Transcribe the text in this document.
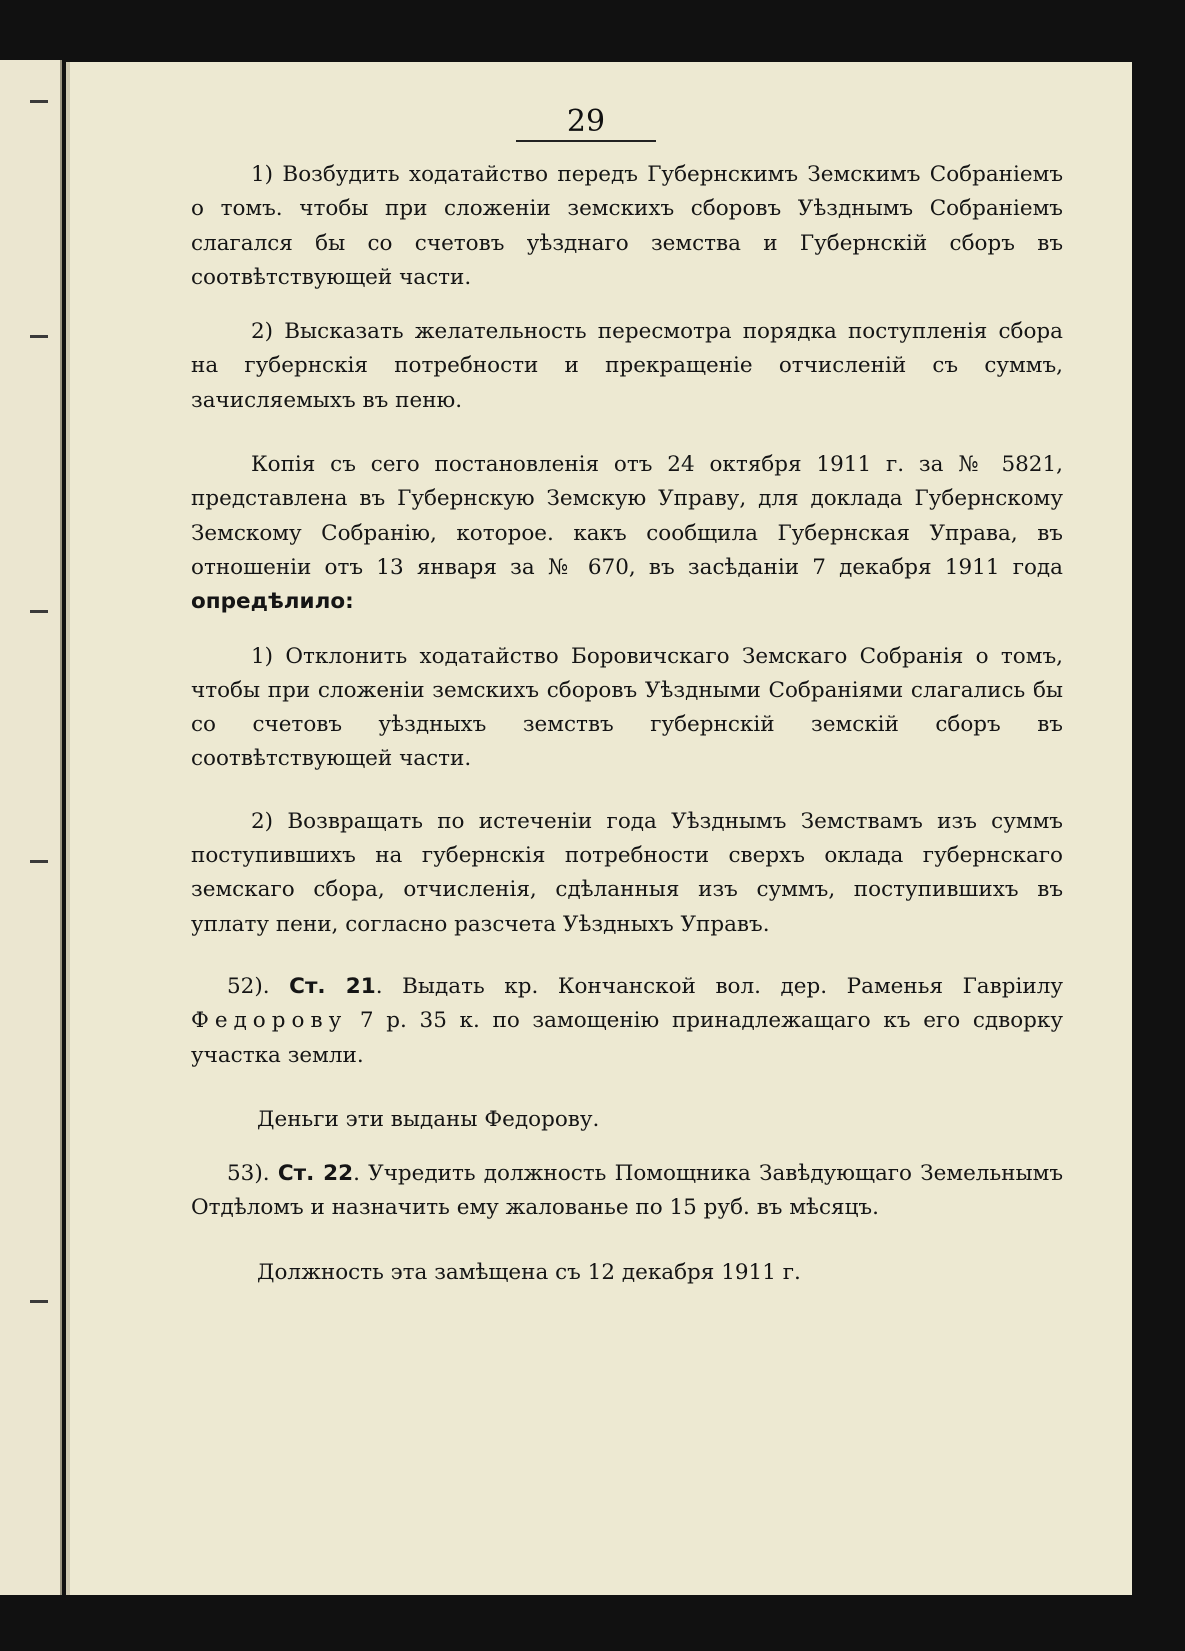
29

1) Возбудить ходатайство передъ Губернскимъ Земскимъ Собраніемъ о томъ. чтобы при сложеніи земскихъ сборовъ Уѣзднымъ Собраніемъ слагался бы со счетовъ уѣзднаго земства и Губернскій сборъ въ соотвѣтствующей части.

2) Высказать желательность пересмотра порядка поступленія сбора на губернскія потребности и прекращеніе отчисленій съ суммъ, зачисляемыхъ въ пеню.

Копія съ сего постановленія отъ 24 октября 1911 г. за № 5821, представлена въ Губернскую Земскую Управу, для доклада Губернскому Земскому Собранію, которое. какъ сообщила Губернская Управа, въ отношеніи отъ 13 января за № 670, въ засѣданіи 7 декабря 1911 года опредѣлило:

1) Отклонить ходатайство Боровичскаго Земскаго Собранія о томъ, чтобы при сложеніи земскихъ сборовъ Уѣздными Собраніями слагались бы со счетовъ уѣздныхъ земствъ губернскій земскій сборъ въ соотвѣтствующей части.

2) Возвращать по истеченіи года Уѣзднымъ Земствамъ изъ суммъ поступившихъ на губернскія потребности сверхъ оклада губернскаго земскаго сбора, отчисленія, сдѣланныя изъ суммъ, поступившихъ въ уплату пени, согласно разсчета Уѣздныхъ Управъ.

52). Ст. 21. Выдать кр. Кончанской вол. дер. Раменья Гавріилу Федорову 7 р. 35 к. по замощенію принадлежащаго къ его сдворку участка земли.

Деньги эти выданы Федорову.

53). Ст. 22. Учредить должность Помощника Завѣдующаго Земельнымъ Отдѣломъ и назначить ему жалованье по 15 руб. въ мѣсяцъ.

Должность эта замѣщена съ 12 декабря 1911 г.
